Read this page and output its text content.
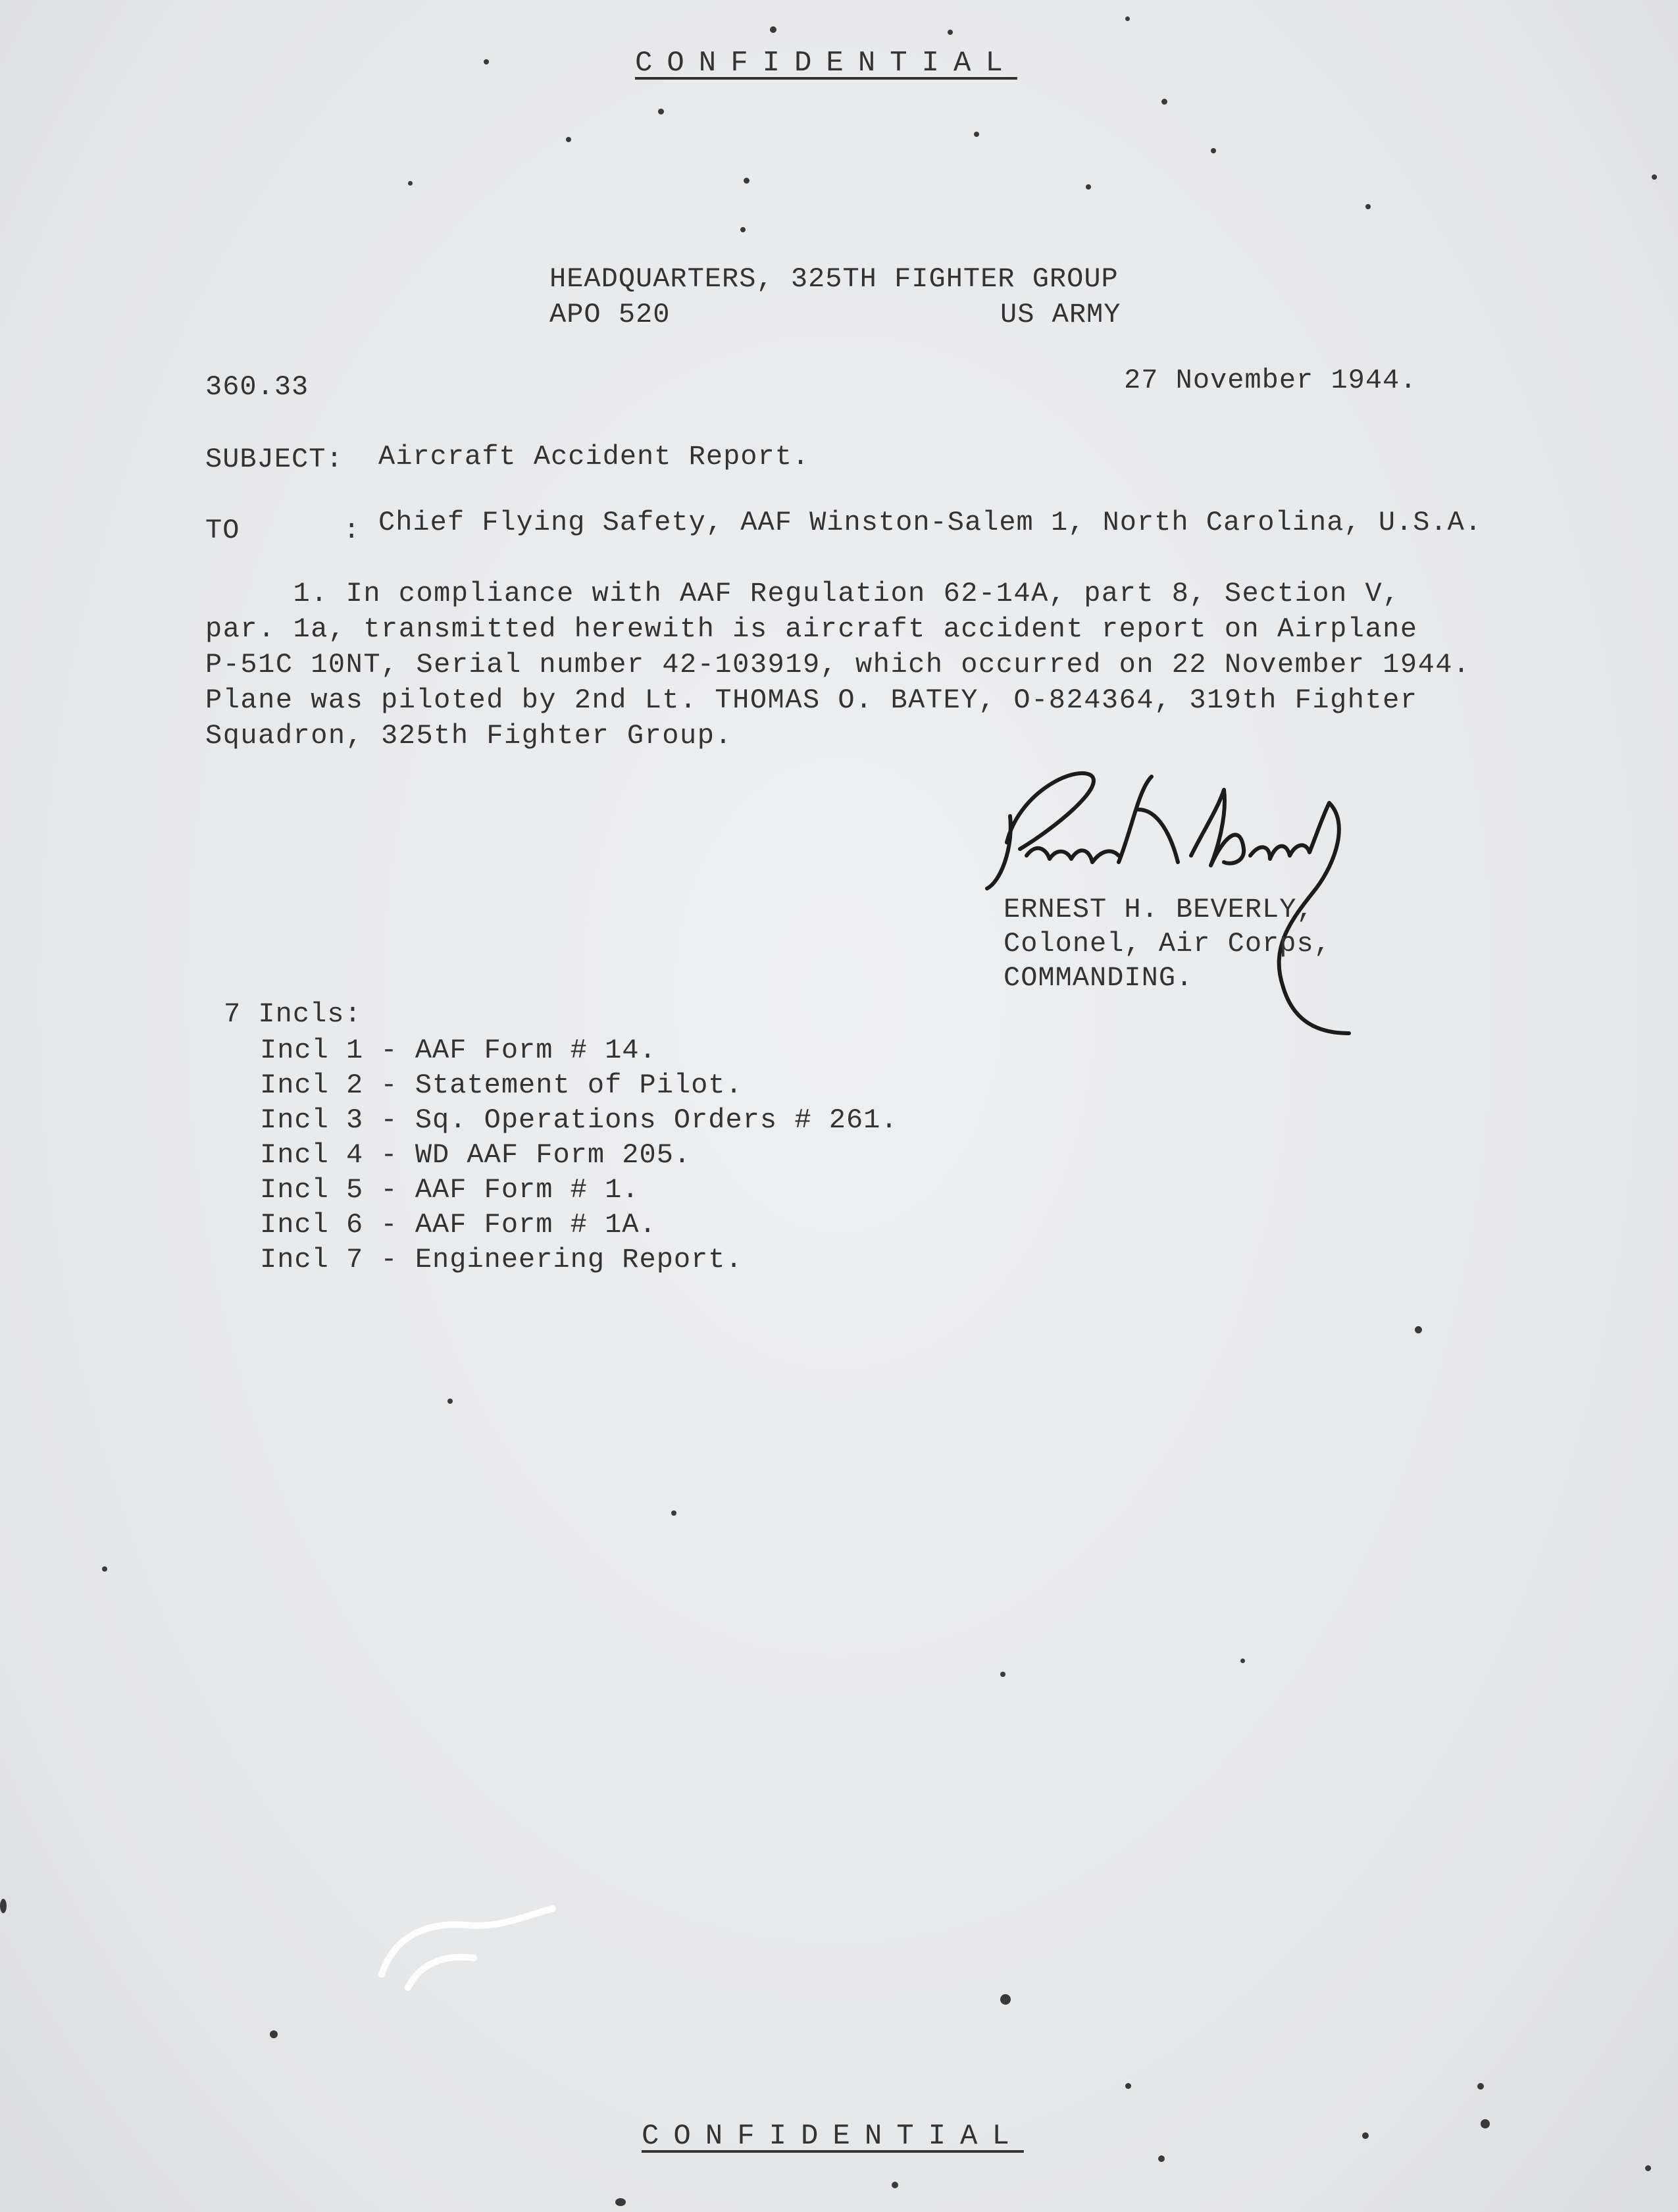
CONFIDENTIAL
HEADQUARTERS, 325TH FIGHTER GROUP
APO 520	US ARMY
360.33	27 November 1944.
SUBJECT: Aircraft Accident Report.
TO      : Chief Flying Safety, AAF Winston-Salem 1, North Carolina, U.S.A.
1. In compliance with AAF Regulation 62-14A, part 8, Section V,
par. 1a, transmitted herewith is aircraft accident report on Airplane
P-51C 10NT, Serial number 42-103919, which occurred on 22 November 1944.
Plane was piloted by 2nd Lt. THOMAS O. BATEY, O-824364, 319th Fighter
Squadron, 325th Fighter Group.
ERNEST H. BEVERLY,
Colonel, Air Corps,
COMMANDING.
7 Incls:
Incl 1 - AAF Form # 14.
Incl 2 - Statement of Pilot.
Incl 3 - Sq. Operations Orders # 261.
Incl 4 - WD AAF Form 205.
Incl 5 - AAF Form # 1.
Incl 6 - AAF Form # 1A.
Incl 7 - Engineering Report.
CONFIDENTIAL
